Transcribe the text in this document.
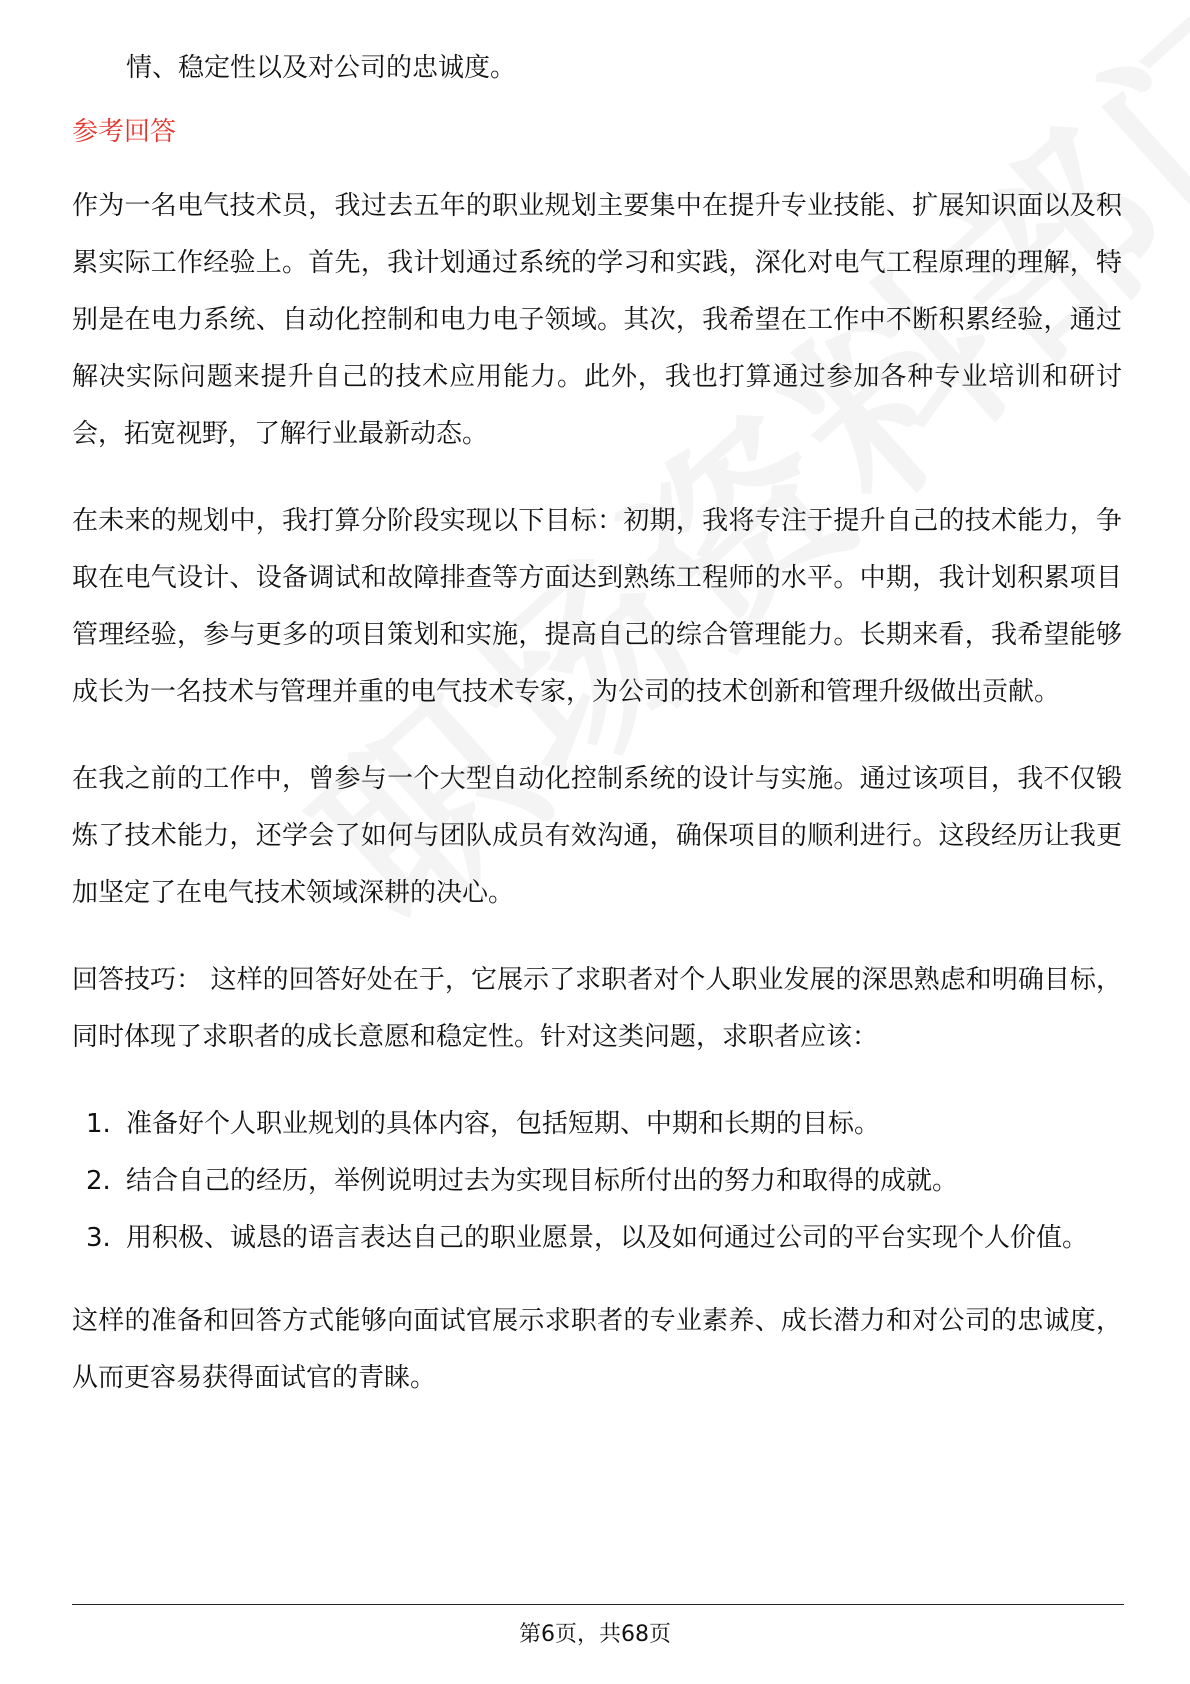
情、稳定性以及对公司的忠诚度。

参考回答

作为一名电气技术员，我过去五年的职业规划主要集中在提升专业技能、扩展知识面以及积累实际工作经验上。首先，我计划通过系统的学习和实践，深化对电气工程原理的理解，特别是在电力系统、自动化控制和电力电子领域。其次，我希望在工作中不断积累经验，通过解决实际问题来提升自己的技术应用能力。此外，我也打算通过参加各种专业培训和研讨会，拓宽视野，了解行业最新动态。

在未来的规划中，我打算分阶段实现以下目标：初期，我将专注于提升自己的技术能力，争取在电气设计、设备调试和故障排查等方面达到熟练工程师的水平。中期，我计划积累项目管理经验，参与更多的项目策划和实施，提高自己的综合管理能力。长期来看，我希望能够成长为一名技术与管理并重的电气技术专家，为公司的技术创新和管理升级做出贡献。

在我之前的工作中，曾参与一个大型自动化控制系统的设计与实施。通过该项目，我不仅锻炼了技术能力，还学会了如何与团队成员有效沟通，确保项目的顺利进行。这段经历让我更加坚定了在电气技术领域深耕的决心。

回答技巧： 这样的回答好处在于，它展示了求职者对个人职业发展的深思熟虑和明确目标，同时体现了求职者的成长意愿和稳定性。针对这类问题，求职者应该：

1. 准备好个人职业规划的具体内容，包括短期、中期和长期的目标。
2. 结合自己的经历，举例说明过去为实现目标所付出的努力和取得的成就。
3. 用积极、诚恳的语言表达自己的职业愿景，以及如何通过公司的平台实现个人价值。

这样的准备和回答方式能够向面试官展示求职者的专业素养、成长潜力和对公司的忠诚度，从而更容易获得面试官的青睐。

第6页，共68页
